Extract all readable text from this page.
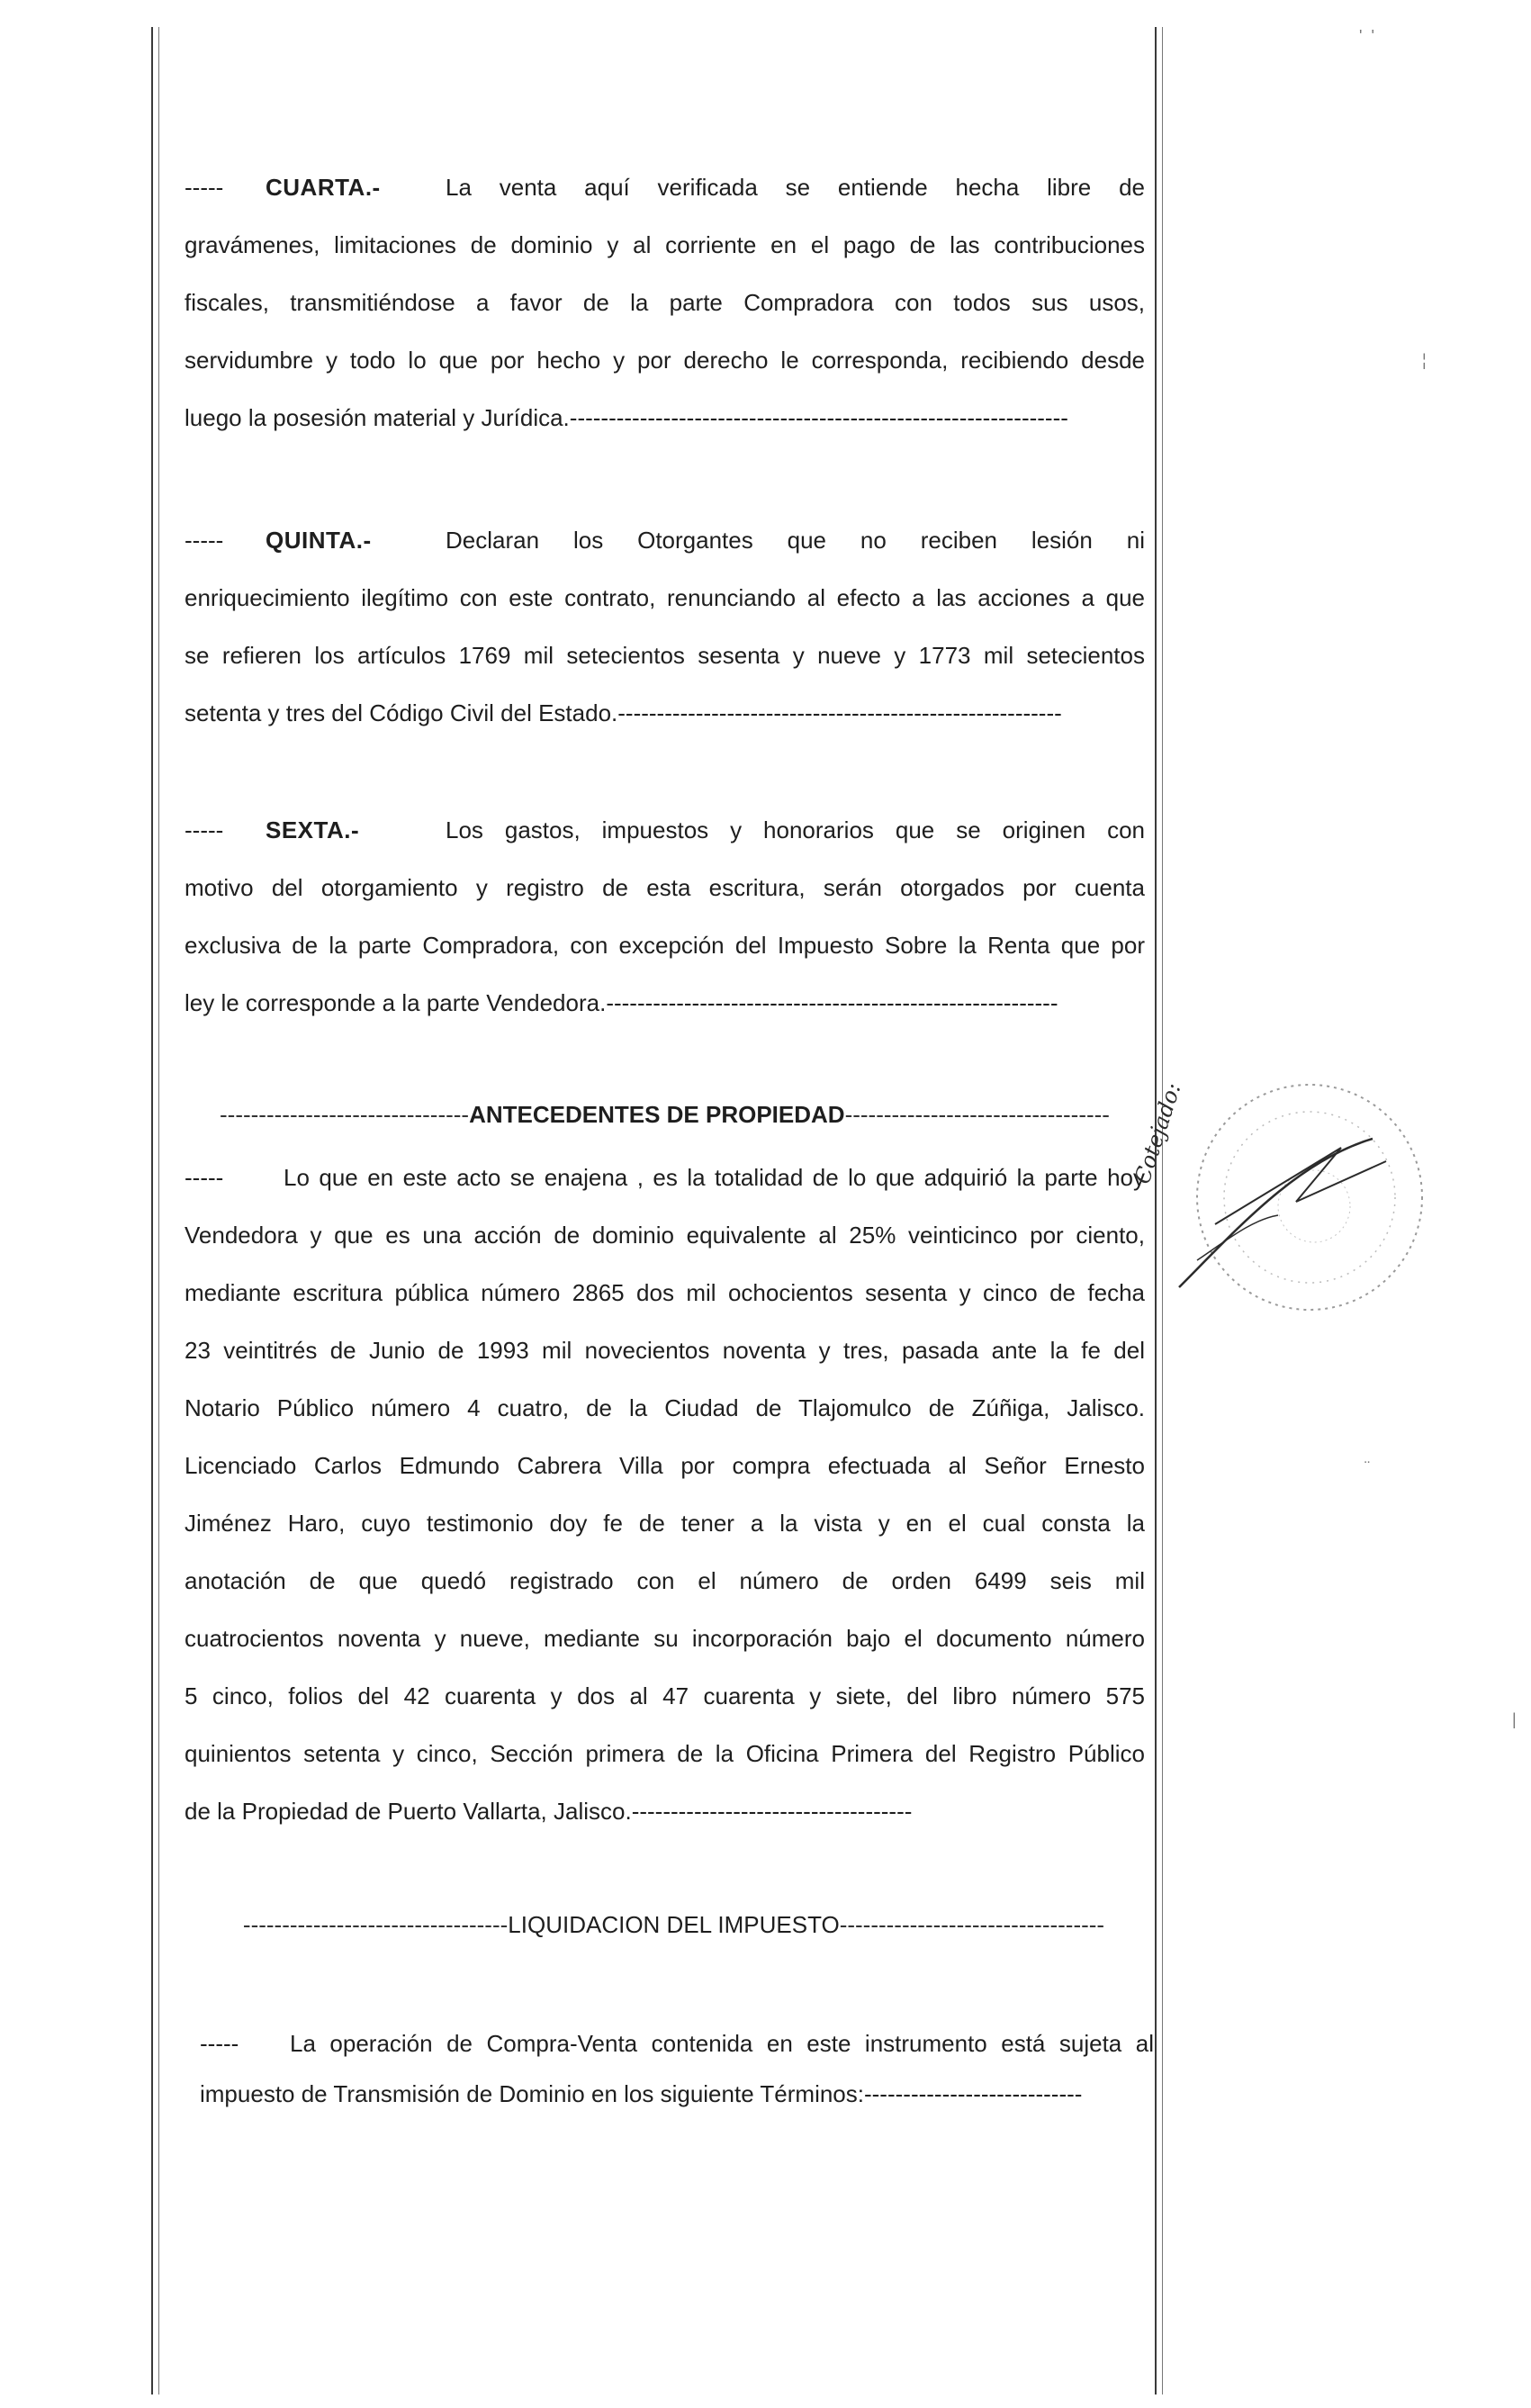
----- CUARTA.-	La venta aquí verificada se entiende hecha libre de
gravámenes, limitaciones de dominio y al corriente en el pago de las contribuciones
fiscales, transmitiéndose a favor de la parte Compradora con todos sus usos,
servidumbre y todo lo que por hecho y por derecho le corresponda, recibiendo desde
luego la posesión material y Jurídica.----------------------------------------------------------------
----- QUINTA.-	Declaran los Otorgantes que no reciben lesión ni
enriquecimiento ilegítimo con este contrato, renunciando al efecto a las acciones a que
se refieren los artículos 1769 mil setecientos sesenta y nueve y 1773 mil setecientos
setenta y tres del Código Civil del Estado.---------------------------------------------------------
----- SEXTA.-	Los gastos, impuestos y honorarios que se originen con
motivo del otorgamiento y registro de esta escritura, serán otorgados por cuenta
exclusiva de la parte Compradora, con excepción del Impuesto Sobre la Renta que por
ley le corresponde a la parte Vendedora.----------------------------------------------------------
--------------------------------ANTECEDENTES DE PROPIEDAD----------------------------------
-----	Lo que en este acto se enajena , es la totalidad de lo que adquirió la parte hoy
Vendedora y que es una acción de dominio equivalente al 25% veinticinco por ciento,
mediante escritura pública número 2865 dos mil ochocientos sesenta y cinco de fecha
23 veintitrés de Junio de 1993 mil novecientos noventa y tres, pasada ante la fe del
Notario Público número 4 cuatro, de la Ciudad de Tlajomulco de Zúñiga, Jalisco.
Licenciado Carlos Edmundo Cabrera Villa por compra efectuada al Señor Ernesto
Jiménez Haro, cuyo testimonio doy fe de tener a la vista y en el cual consta la
anotación de que quedó registrado con el número de orden 6499 seis mil
cuatrocientos noventa y nueve, mediante su incorporación bajo el documento número
5 cinco, folios del 42 cuarenta y dos al 47 cuarenta y siete, del libro número 575
quinientos setenta y cinco, Sección primera de la Oficina Primera del Registro Público
de la Propiedad de Puerto Vallarta, Jalisco.------------------------------------
----------------------------------LIQUIDACION DEL IMPUESTO----------------------------------
----- La operación de Compra-Venta contenida en este instrumento está sujeta al
impuesto de Transmisión de Dominio en los siguiente Términos:----------------------------
Cotejado:
'  '
¦
¨
|
